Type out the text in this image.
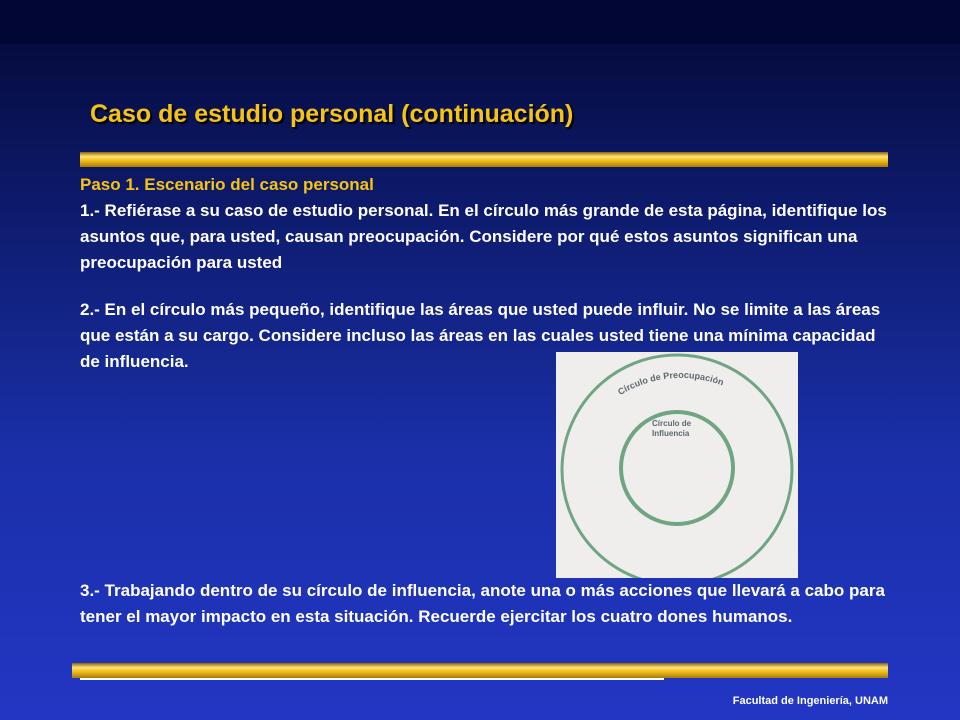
Caso de estudio personal (continuación)
Paso 1. Escenario del caso personal
1.- Refiérase a su caso de estudio personal. En el círculo más grande de esta página, identifique los asuntos que, para usted, causan preocupación. Considere por qué estos asuntos significan una preocupación para usted
2.- En el círculo más pequeño, identifique las áreas que usted puede influir. No se limite a las áreas que están a su cargo. Considere incluso las áreas en las cuales usted tiene una mínima capacidad de influencia.
Círculo de Preocupación
Círculo de
Influencia
3.- Trabajando dentro de su círculo de influencia, anote una o más acciones que llevará a cabo para tener el mayor impacto en esta situación. Recuerde ejercitar los cuatro dones humanos.
Facultad de Ingeniería, UNAM
